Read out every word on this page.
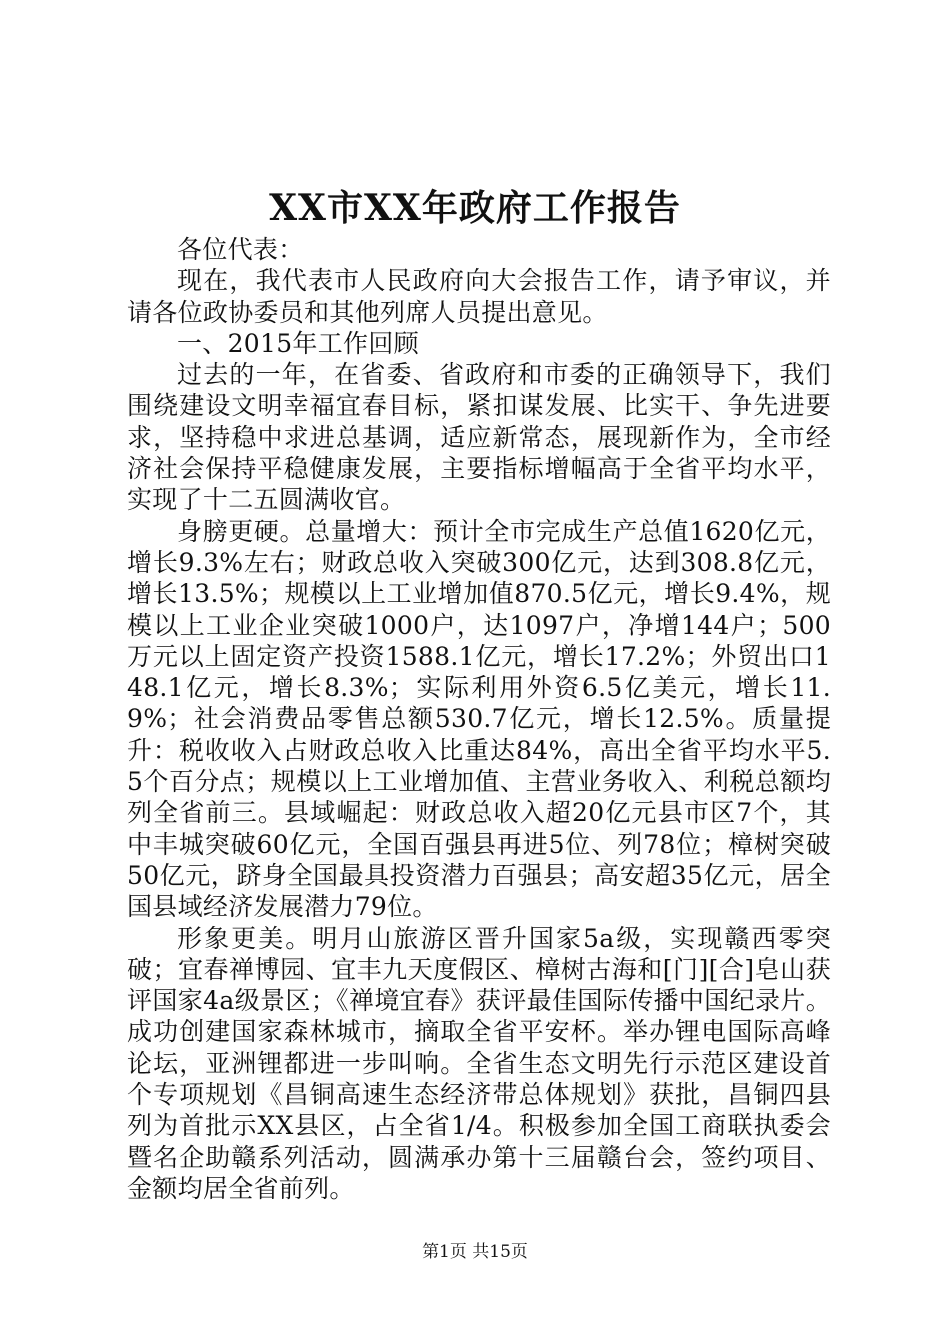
XX市XX年政府工作报告

各位代表：

现在，我代表市人民政府向大会报告工作，请予审议，并请各位政协委员和其他列席人员提出意见。

一、2015年工作回顾

过去的一年，在省委、省政府和市委的正确领导下，我们围绕建设文明幸福宜春目标，紧扣谋发展、比实干、争先进要求，坚持稳中求进总基调，适应新常态，展现新作为，全市经济社会保持平稳健康发展，主要指标增幅高于全省平均水平，实现了十二五圆满收官。

身膀更硬。总量增大：预计全市完成生产总值1620亿元，增长9.3%左右；财政总收入突破300亿元，达到308.8亿元，增长13.5%；规模以上工业增加值870.5亿元，增长9.4%，规模以上工业企业突破1000户，达1097户，净增144户；500万元以上固定资产投资1588.1亿元，增长17.2%；外贸出口148.1亿元，增长8.3%；实际利用外资6.5亿美元，增长11.9%；社会消费品零售总额530.7亿元，增长12.5%。质量提升：税收收入占财政总收入比重达84%，高出全省平均水平5.5个百分点；规模以上工业增加值、主营业务收入、利税总额均列全省前三。县域崛起：财政总收入超20亿元县市区7个，其中丰城突破60亿元，全国百强县再进5位、列78位；樟树突破50亿元，跻身全国最具投资潜力百强县；高安超35亿元，居全国县域经济发展潜力79位。

形象更美。明月山旅游区晋升国家5a级，实现赣西零突破；宜春禅博园、宜丰九天度假区、樟树古海和[门][合]皂山获评国家4a级景区；《禅境宜春》获评最佳国际传播中国纪录片。成功创建国家森林城市，摘取全省平安杯。举办锂电国际高峰论坛，亚洲锂都进一步叫响。全省生态文明先行示范区建设首个专项规划《昌铜高速生态经济带总体规划》获批，昌铜四县列为首批示XX县区，占全省1/4。积极参加全国工商联执委会暨名企助赣系列活动，圆满承办第十三届赣台会，签约项目、金额均居全省前列。

第1页 共15页
